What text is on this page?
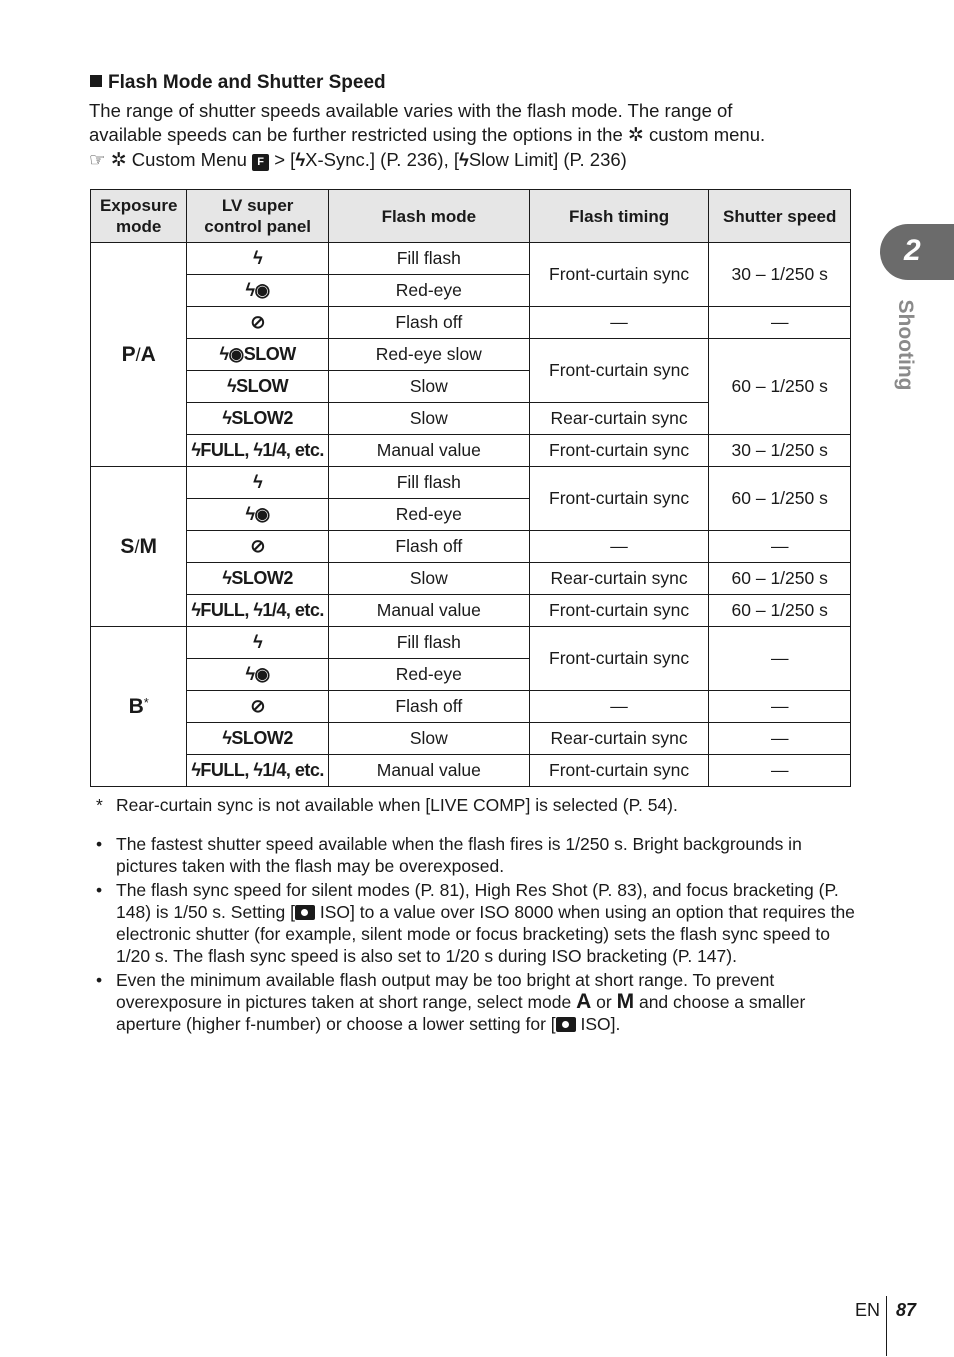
Flash Mode and Shutter Speed

The range of shutter speeds available varies with the flash mode. The range of

available speeds can be further restricted using the options in the ✲ custom menu.

☞ ✲ Custom Menu F > [ϟX-Sync.] (P. 236), [ϟSlow Limit] (P. 236)

Exposure
mode	LV super
control panel	Flash mode	Flash timing	Shutter speed
P/A	ϟ	Fill flash	Front-curtain sync	30 – 1/250 s
	ϟ◉	Red-eye		
	⊘	Flash off	—	—
	ϟ◉SLOW	Red-eye slow	Front-curtain sync	60 – 1/250 s
	ϟSLOW	Slow		
	ϟSLOW2	Slow	Rear-curtain sync	
	ϟFULL, ϟ1/4, etc.	Manual value	Front-curtain sync	30 – 1/250 s
S/M	ϟ	Fill flash	Front-curtain sync	60 – 1/250 s
	ϟ◉	Red-eye		
	⊘	Flash off	—	—
	ϟSLOW2	Slow	Rear-curtain sync	60 – 1/250 s
	ϟFULL, ϟ1/4, etc.	Manual value	Front-curtain sync	60 – 1/250 s
B*	ϟ	Fill flash	Front-curtain sync	—
	ϟ◉	Red-eye		
	⊘	Flash off	—	—
	ϟSLOW2	Slow	Rear-curtain sync	—
	ϟFULL, ϟ1/4, etc.	Manual value	Front-curtain sync	—
* Rear-curtain sync is not available when [LIVE COMP] is selected (P. 54).
• The fastest shutter speed available when the flash fires is 1/250 s. Bright backgrounds in pictures taken with the flash may be overexposed.
• The flash sync speed for silent modes (P. 81), High Res Shot (P. 83), and focus bracketing (P. 148) is 1/50 s. Setting [ ISO] to a value over ISO 8000 when using an option that requires the electronic shutter (for example, silent mode or focus bracketing) sets the flash sync speed to 1/20 s. The flash sync speed is also set to 1/20 s during ISO bracketing (P. 147).
• Even the minimum available flash output may be too bright at short range. To prevent overexposure in pictures taken at short range, select mode A or M and choose a smaller aperture (higher f-number) or choose a lower setting for [ ISO].
2
Shooting
EN 87
